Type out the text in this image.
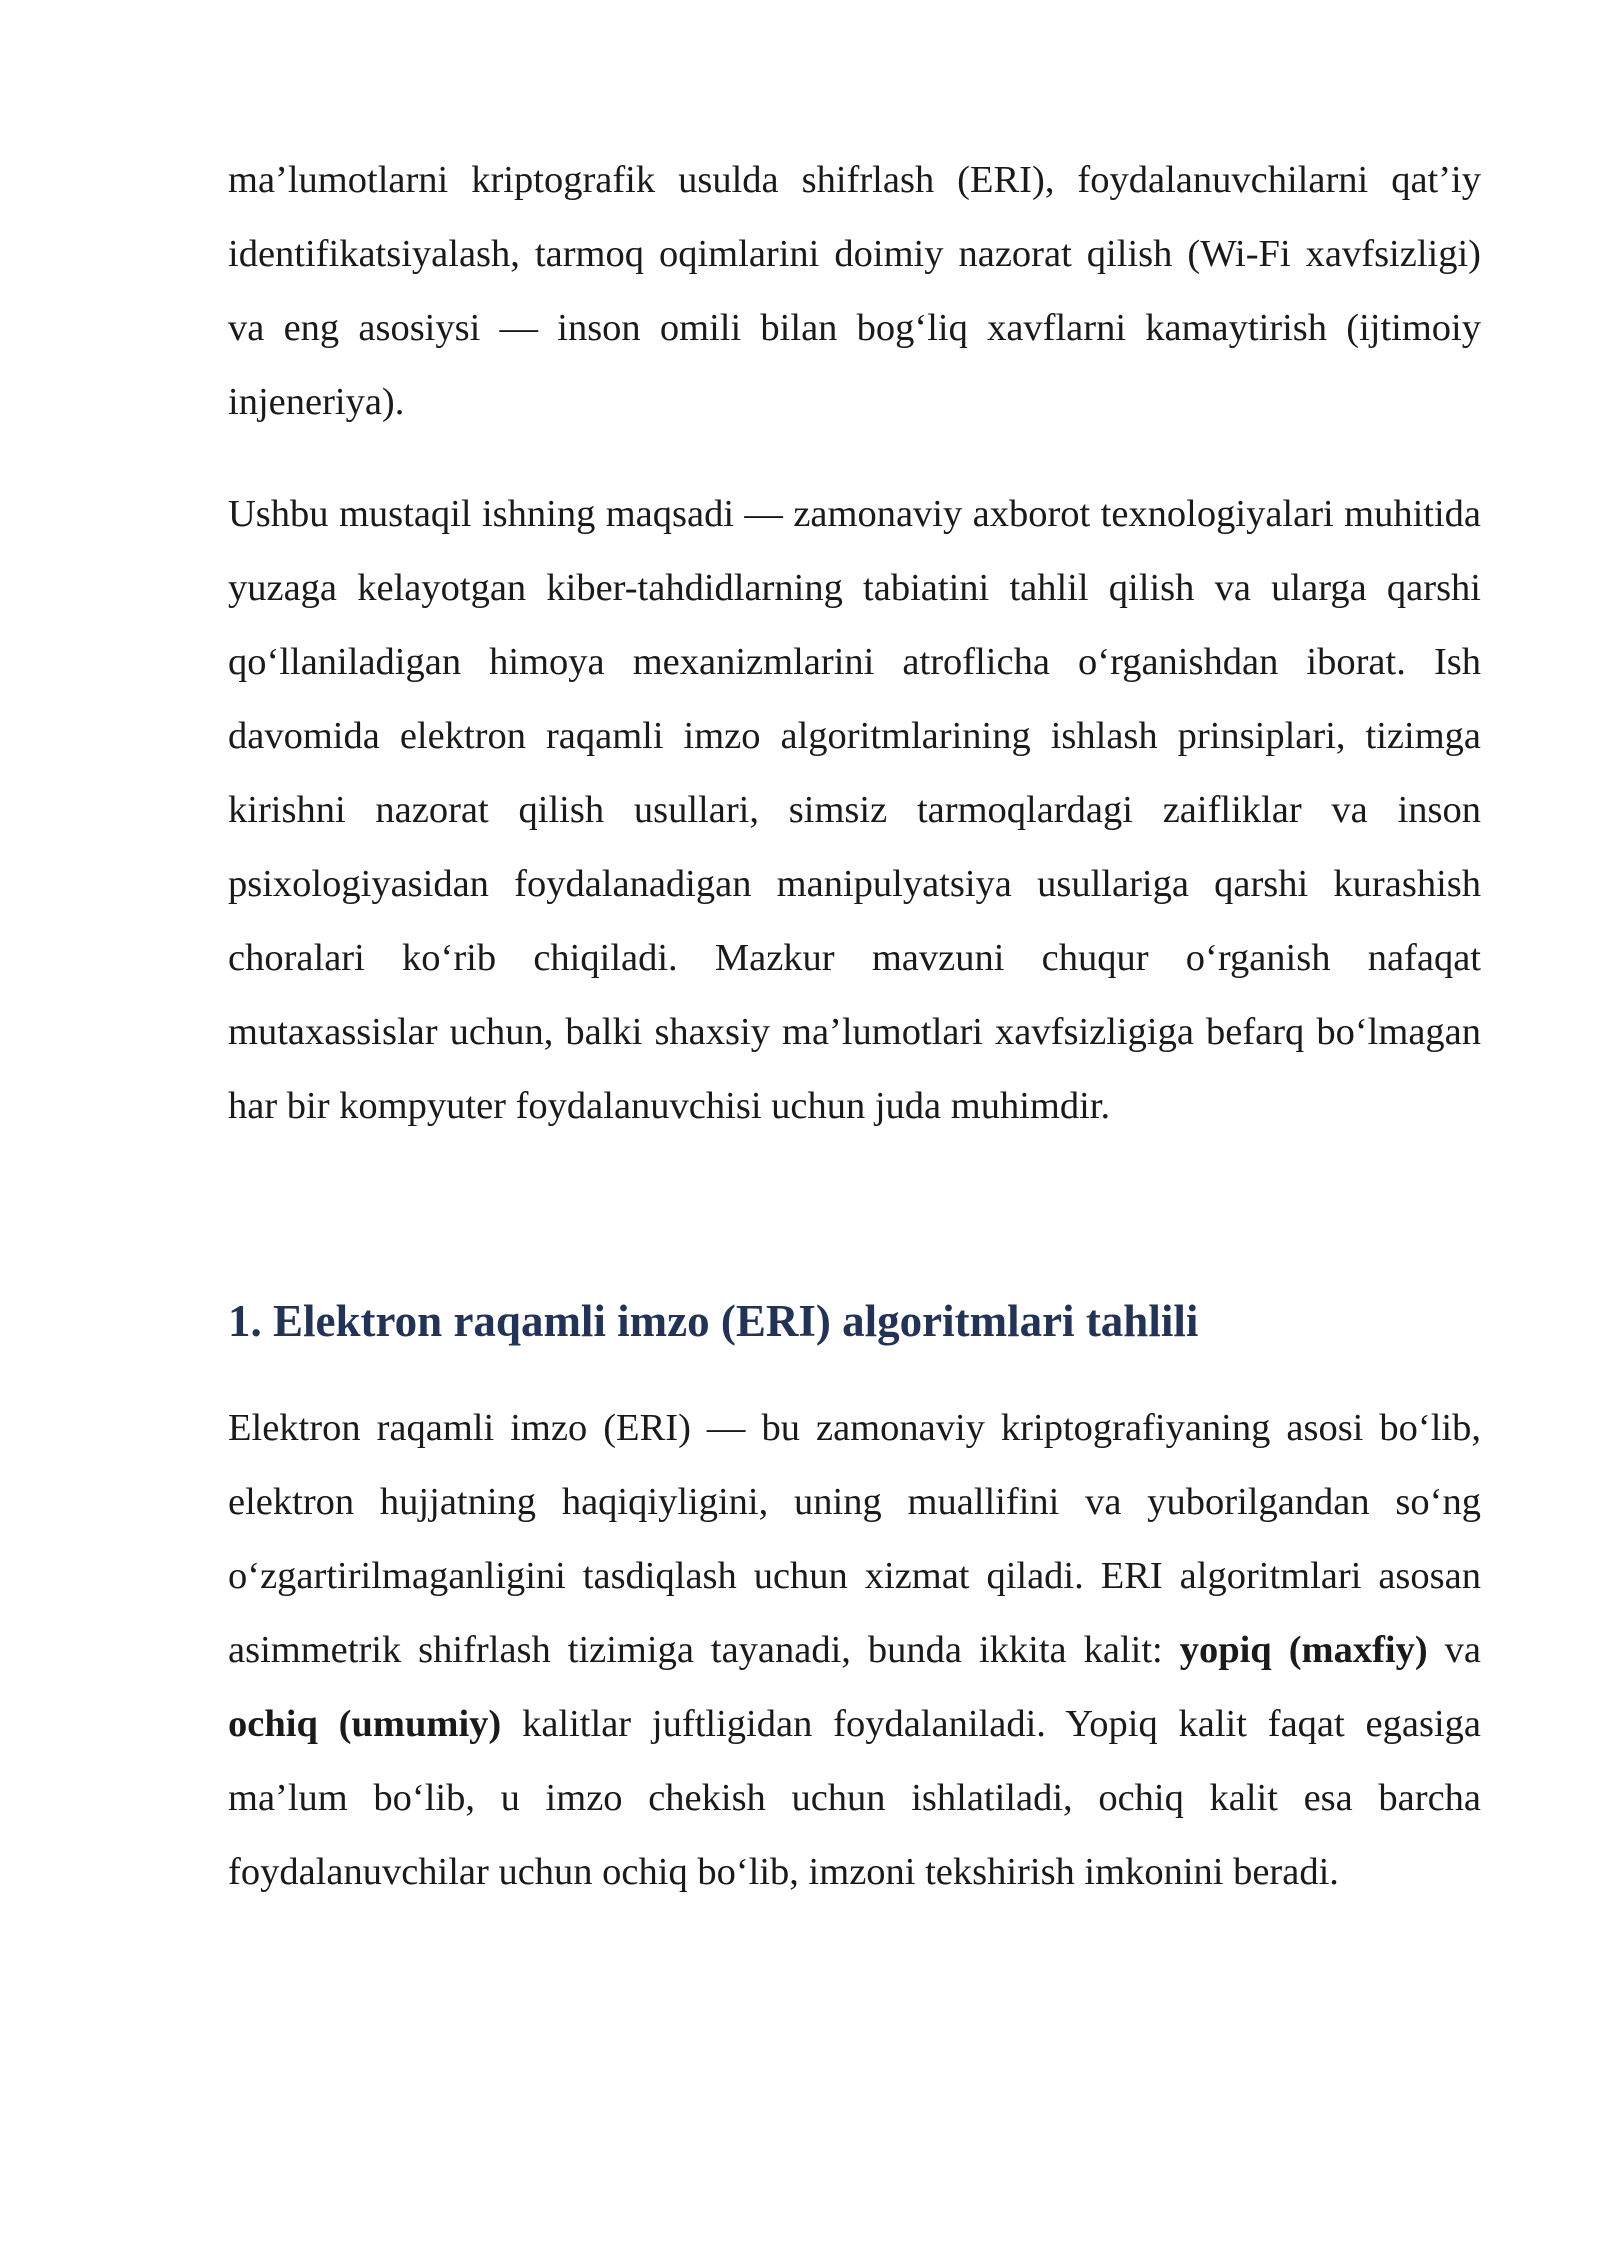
ma’lumotlarni kriptografik usulda shifrlash (ERI), foydalanuvchilarni qat’iy identifikatsiyalash, tarmoq oqimlarini doimiy nazorat qilish (Wi-Fi xavfsizligi) va eng asosiysi — inson omili bilan bog‘liq xavflarni kamaytirish (ijtimoiy injeneriya).

Ushbu mustaqil ishning maqsadi — zamonaviy axborot texnologiyalari muhitida yuzaga kelayotgan kiber-tahdidlarning tabiatini tahlil qilish va ularga qarshi qo‘llaniladigan himoya mexanizmlarini atroflicha o‘rganishdan iborat. Ish davomida elektron raqamli imzo algoritmlarining ishlash prinsiplari, tizimga kirishni nazorat qilish usullari, simsiz tarmoqlardagi zaifliklar va inson psixologiyasidan foydalanadigan manipulyatsiya usullariga qarshi kurashish choralari ko‘rib chiqiladi. Mazkur mavzuni chuqur o‘rganish nafaqat mutaxassislar uchun, balki shaxsiy ma’lumotlari xavfsizligiga befarq bo‘lmagan har bir kompyuter foydalanuvchisi uchun juda muhimdir.

1. Elektron raqamli imzo (ERI) algoritmlari tahlili

Elektron raqamli imzo (ERI) — bu zamonaviy kriptografiyaning asosi bo‘lib, elektron hujjatning haqiqiyligini, uning muallifini va yuborilgandan so‘ng o‘zgartirilmaganligini tasdiqlash uchun xizmat qiladi. ERI algoritmlari asosan asimmetrik shifrlash tizimiga tayanadi, bunda ikkita kalit: yopiq (maxfiy) va ochiq (umumiy) kalitlar juftligidan foydalaniladi. Yopiq kalit faqat egasiga ma’lum bo‘lib, u imzo chekish uchun ishlatiladi, ochiq kalit esa barcha foydalanuvchilar uchun ochiq bo‘lib, imzoni tekshirish imkonini beradi.
